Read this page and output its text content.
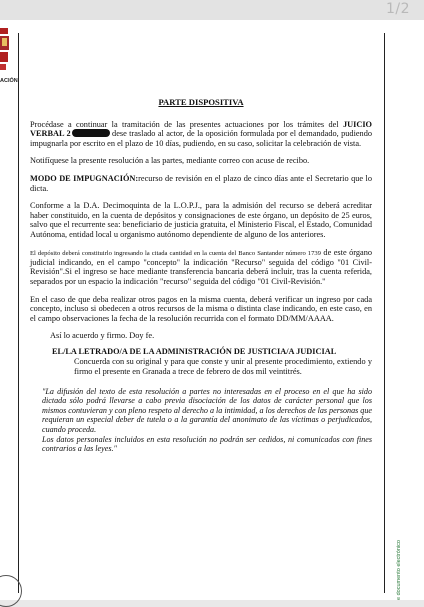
1/2
ACIÓN
PARTE DISPOSITIVA

Procédase a continuar la tramitación de las presentes actuaciones por los trámites del JUICIO VERBAL 2	dese traslado al actor, de la oposición formulada por el demandado, pudiendo impugnarla por escrito en el plazo de 10 días, pudiendo, en su caso, solicitar la celebración de vista.

Notifíquese la presente resolución a las partes, mediante correo con acuse de recibo.

MODO DE IMPUGNACIÓN:recurso de revisión en el plazo de cinco días ante el Secretario que lo dicta.

Conforme a la D.A. Decimoquinta de la L.O.P.J., para la admisión del recurso se deberá acreditar haber constituido, en la cuenta de depósitos y consignaciones de este órgano, un depósito de 25 euros, salvo que el recurrente sea: beneficiario de justicia gratuita, el Ministerio Fiscal, el Estado, Comunidad Autónoma, entidad local u organismo autónomo dependiente de alguno de los anteriores.

El depósito deberá constituirlo ingresando la citada cantidad en la cuenta del Banco Santander número 1739 de este órgano judicial indicando, en el campo "concepto" la indicación "Recurso" seguida del código "01 Civil-Revisión".Si el ingreso se hace mediante transferencia bancaria deberá incluir, tras la cuenta referida, separados por un espacio la indicación "recurso" seguida del código "01 Civil-Revisión."

En el caso de que deba realizar otros pagos en la misma cuenta, deberá verificar un ingreso por cada concepto, incluso si obedecen a otros recursos de la misma o distinta clase indicando, en este caso, en el campo observaciones la fecha de la resolución recurrida con el formato DD/MM/AAAA.

Así lo acuerdo y firmo. Doy fe.

EL/LA LETRADO/A DE LA ADMINISTRACIÓN DE JUSTICIA/A JUDICIAL
Concuerda con su original y para que conste y unir al presente procedimiento, extiendo y firmo el presente en Granada a trece de febrero de dos mil veintitrés.

"La difusión del texto de esta resolución a partes no interesadas en el proceso en el que ha sido dictada sólo podrá llevarse a cabo previa disociación de los datos de carácter personal que los mismos contuvieran y con pleno respeto al derecho a la intimidad, a los derechos de las personas que requieran un especial deber de tutela o a la garantía del anonimato de las víctimas o perjudicados, cuando proceda.

Los datos personales incluidos en esta resolución no podrán ser cedidos, ni comunicados con fines contrarios a las leyes."

e documento electrónico
